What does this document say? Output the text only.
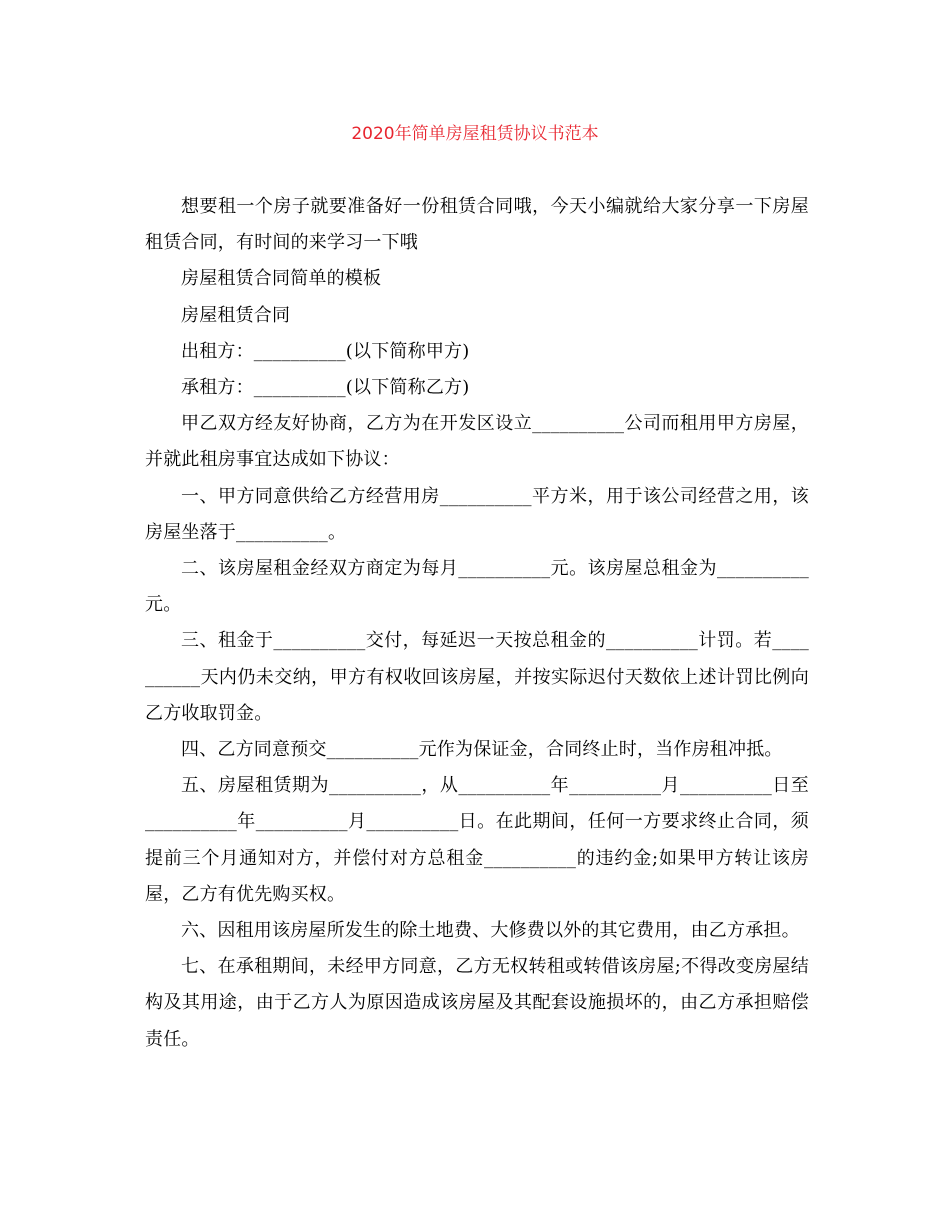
2020年简单房屋租赁协议书范本

想要租一个房子就要准备好一份租赁合同哦，今天小编就给大家分享一下房屋租赁合同，有时间的来学习一下哦

房屋租赁合同简单的模板

房屋租赁合同

出租方：__________(以下简称甲方)

承租方：__________(以下简称乙方)

甲乙双方经友好协商，乙方为在开发区设立__________公司而租用甲方房屋，并就此租房事宜达成如下协议：

一、甲方同意供给乙方经营用房__________平方米，用于该公司经营之用，该房屋坐落于__________。

二、该房屋租金经双方商定为每月__________元。该房屋总租金为__________元。

三、租金于__________交付，每延迟一天按总租金的__________计罚。若__________天内仍未交纳，甲方有权收回该房屋，并按实际迟付天数依上述计罚比例向乙方收取罚金。

四、乙方同意预交__________元作为保证金，合同终止时，当作房租冲抵。

五、房屋租赁期为__________，从__________年__________月__________日至__________年__________月__________日。在此期间，任何一方要求终止合同，须提前三个月通知对方，并偿付对方总租金__________的违约金;如果甲方转让该房屋，乙方有优先购买权。

六、因租用该房屋所发生的除土地费、大修费以外的其它费用，由乙方承担。

七、在承租期间，未经甲方同意，乙方无权转租或转借该房屋;不得改变房屋结构及其用途，由于乙方人为原因造成该房屋及其配套设施损坏的，由乙方承担赔偿责任。
